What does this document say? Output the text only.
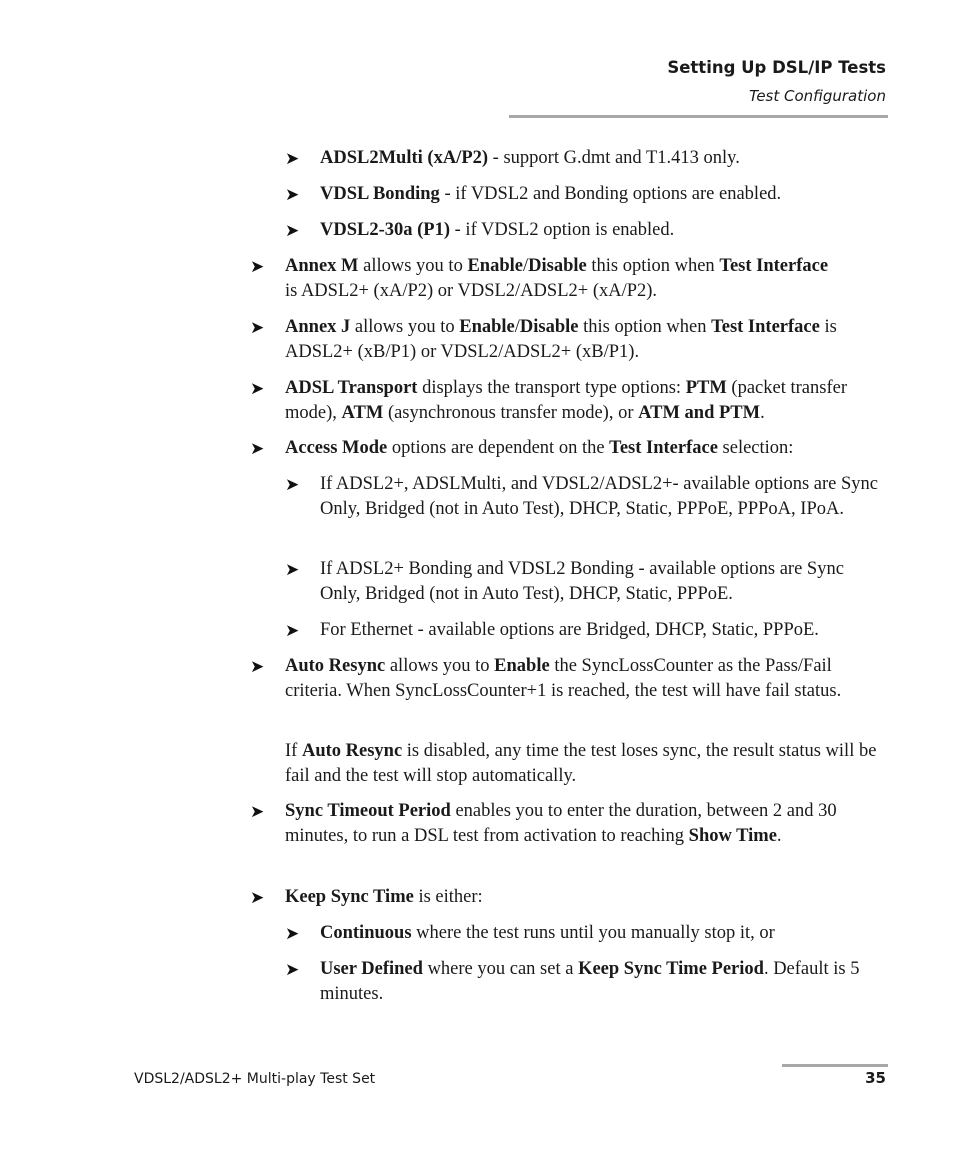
Setting Up DSL/IP Tests
Test Configuration
➤ ADSL2Multi (xA/P2) - support G.dmt and T1.413 only.
➤ VDSL Bonding - if VDSL2 and Bonding options are enabled.
➤ VDSL2-30a (P1) - if VDSL2 option is enabled.
➤ Annex M allows you to Enable/Disable this option when Test Interface is ADSL2+ (xA/P2) or VDSL2/ADSL2+ (xA/P2).
➤ Annex J allows you to Enable/Disable this option when Test Interface is ADSL2+ (xB/P1) or VDSL2/ADSL2+ (xB/P1).
➤ ADSL Transport displays the transport type options: PTM (packet transfer mode), ATM (asynchronous transfer mode), or ATM and PTM.
➤ Access Mode options are dependent on the Test Interface selection:
➤ If ADSL2+, ADSLMulti, and VDSL2/ADSL2+- available options are Sync Only, Bridged (not in Auto Test), DHCP, Static, PPPoE, PPPoA, IPoA.
➤ If ADSL2+ Bonding and VDSL2 Bonding - available options are Sync Only, Bridged (not in Auto Test), DHCP, Static, PPPoE.
➤ For Ethernet - available options are Bridged, DHCP, Static, PPPoE.
➤ Auto Resync allows you to Enable the SyncLossCounter as the Pass/Fail criteria. When SyncLossCounter+1 is reached, the test will have fail status.
If Auto Resync is disabled, any time the test loses sync, the result status will be fail and the test will stop automatically.
➤ Sync Timeout Period enables you to enter the duration, between 2 and 30 minutes, to run a DSL test from activation to reaching Show Time.
➤ Keep Sync Time is either:
➤ Continuous where the test runs until you manually stop it, or
➤ User Defined where you can set a Keep Sync Time Period. Default is 5 minutes.
VDSL2/ADSL2+ Multi-play Test Set	35
